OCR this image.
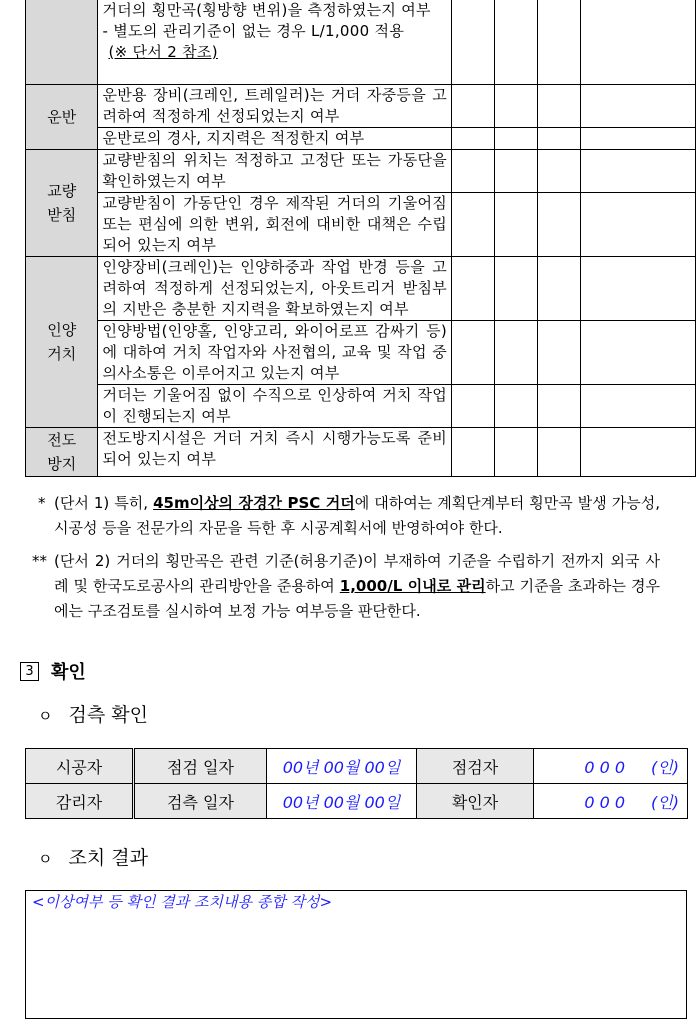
	거더의 횡만곡(횡방향 변위)을 측정하였는지 여부
- 별도의 관리기준이 없는 경우 L/1,000 적용
(※ 단서 2 참조)				

운반	운반용 장비(크레인, 트레일러)는 거더 자중등을 고려하여 적정하게 선정되었는지 여부				
	운반로의 경사, 지지력은 적정한지 여부				

교량받침	교량받침의 위치는 적정하고 고정단 또는 가동단을 확인하였는지 여부				
	교량받침이 가동단인 경우 제작된 거더의 기울어짐 또는 편심에 의한 변위, 회전에 대비한 대책은 수립되어 있는지 여부				

인양거치	인양장비(크레인)는 인양하중과 작업 반경 등을 고려하여 적정하게 선정되었는지, 아웃트리거 받침부의 지반은 충분한 지지력을 확보하였는지 여부				
	인양방법(인양홀, 인양고리, 와이어로프 감싸기 등)에 대하여 거치 작업자와 사전협의, 교육 및 작업 중 의사소통은 이루어지고 있는지 여부				
	거더는 기울어짐 없이 수직으로 인상하여 거치 작업이 진행되는지 여부				

전도방지	전도방지시설은 거더 거치 즉시 시행가능도록 준비 되어 있는지 여부				
* (단서 1) 특히, 45m이상의 장경간 PSC 거더에 대하여는 계획단계부터 횡만곡 발생 가능성, 시공성 등을 전문가의 자문을 득한 후 시공계획서에 반영하여야 한다.
** (단서 2) 거더의 횡만곡은 관련 기준(허용기준)이 부재하여 기준을 수립하기 전까지 외국 사례 및 한국도로공사의 관리방안을 준용하여 1,000/L 이내로 관리하고 기준을 초과하는 경우에는 구조검토를 실시하여 보정 가능 여부등을 판단한다.
3 확인
ㅇ 검측 확인
시공자	점검 일자	00년 00월 00일	점검자	0 0 0 (인)
감리자	검측 일자	00년 00월 00일	확인자	0 0 0 (인)
ㅇ 조치 결과
<이상여부 등 확인 결과 조치내용 종합 작성>
